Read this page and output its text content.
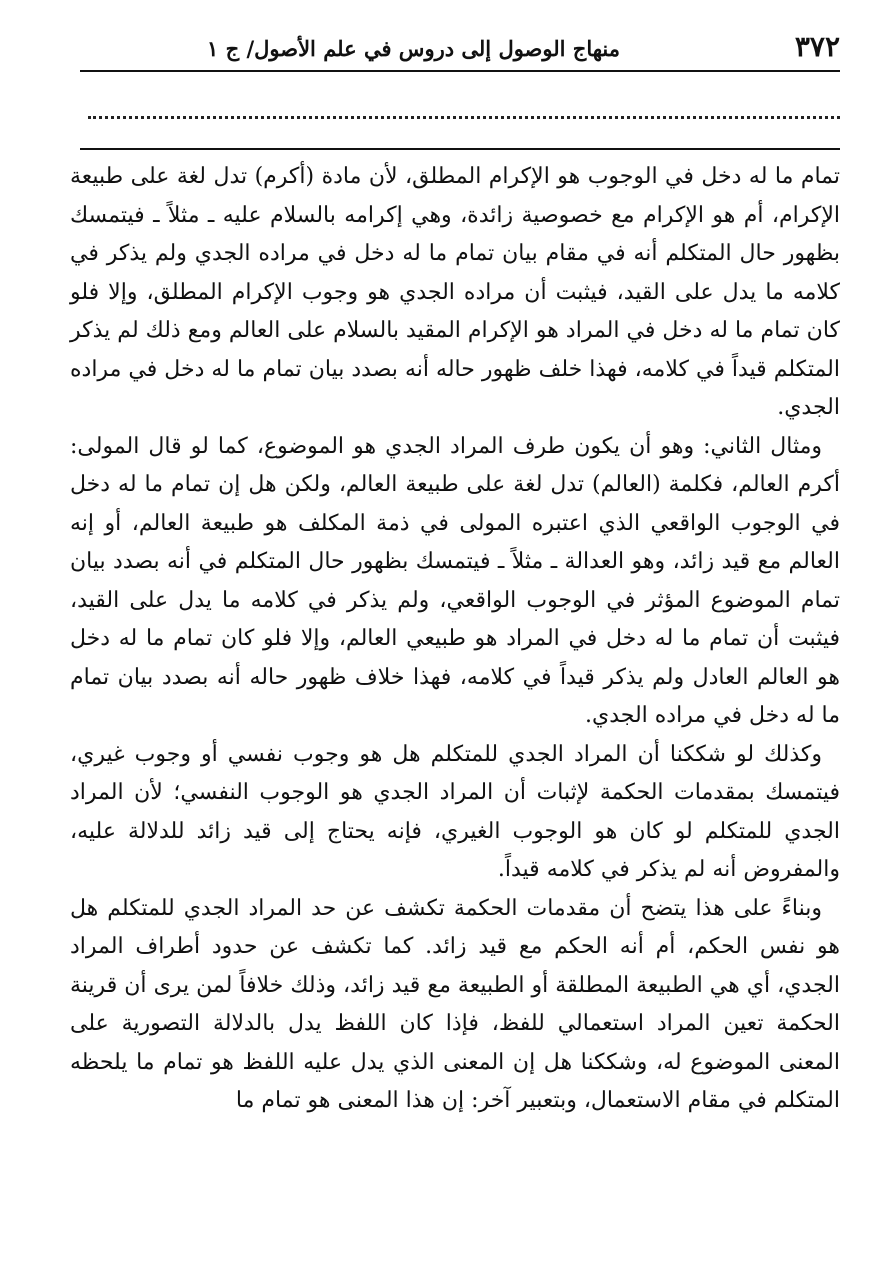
٣٧٢
منهاج الوصول إلى دروس في علم الأصول/ ج ١

تمام ما له دخل في الوجوب هو الإكرام المطلق، لأن مادة (أكرم) تدل لغة على طبيعة الإكرام، أم هو الإكرام مع خصوصية زائدة، وهي إكرامه بالسلام عليه ـ مثلاً ـ فيتمسك بظهور حال المتكلم أنه في مقام بيان تمام ما له دخل في مراده الجدي ولم يذكر في كلامه ما يدل على القيد، فيثبت أن مراده الجدي هو وجوب الإكرام المطلق، وإلا فلو كان تمام ما له دخل في المراد هو الإكرام المقيد بالسلام على العالم ومع ذلك لم يذكر المتكلم قيداً في كلامه، فهذا خلف ظهور حاله أنه بصدد بيان تمام ما له دخل في مراده الجدي.

ومثال الثاني: وهو أن يكون طرف المراد الجدي هو الموضوع، كما لو قال المولى: أكرم العالم، فكلمة (العالم) تدل لغة على طبيعة العالم، ولكن هل إن تمام ما له دخل في الوجوب الواقعي الذي اعتبره المولى في ذمة المكلف هو طبيعة العالم، أو إنه العالم مع قيد زائد، وهو العدالة ـ مثلاً ـ فيتمسك بظهور حال المتكلم في أنه بصدد بيان تمام الموضوع المؤثر في الوجوب الواقعي، ولم يذكر في كلامه ما يدل على القيد، فيثبت أن تمام ما له دخل في المراد هو طبيعي العالم، وإلا فلو كان تمام ما له دخل هو العالم العادل ولم يذكر قيداً في كلامه، فهذا خلاف ظهور حاله أنه بصدد بيان تمام ما له دخل في مراده الجدي.

وكذلك لو شككنا أن المراد الجدي للمتكلم هل هو وجوب نفسي أو وجوب غيري، فيتمسك بمقدمات الحكمة لإثبات أن المراد الجدي هو الوجوب النفسي؛ لأن المراد الجدي للمتكلم لو كان هو الوجوب الغيري، فإنه يحتاج إلى قيد زائد للدلالة عليه، والمفروض أنه لم يذكر في كلامه قيداً.

وبناءً على هذا يتضح أن مقدمات الحكمة تكشف عن حد المراد الجدي للمتكلم هل هو نفس الحكم، أم أنه الحكم مع قيد زائد. كما تكشف عن حدود أطراف المراد الجدي، أي هي الطبيعة المطلقة أو الطبيعة مع قيد زائد، وذلك خلافاً لمن يرى أن قرينة الحكمة تعين المراد استعمالي للفظ، فإذا كان اللفظ يدل بالدلالة التصورية على المعنى الموضوع له، وشككنا هل إن المعنى الذي يدل عليه اللفظ هو تمام ما يلحظه المتكلم في مقام الاستعمال، وبتعبير آخر: إن هذا المعنى هو تمام ما
